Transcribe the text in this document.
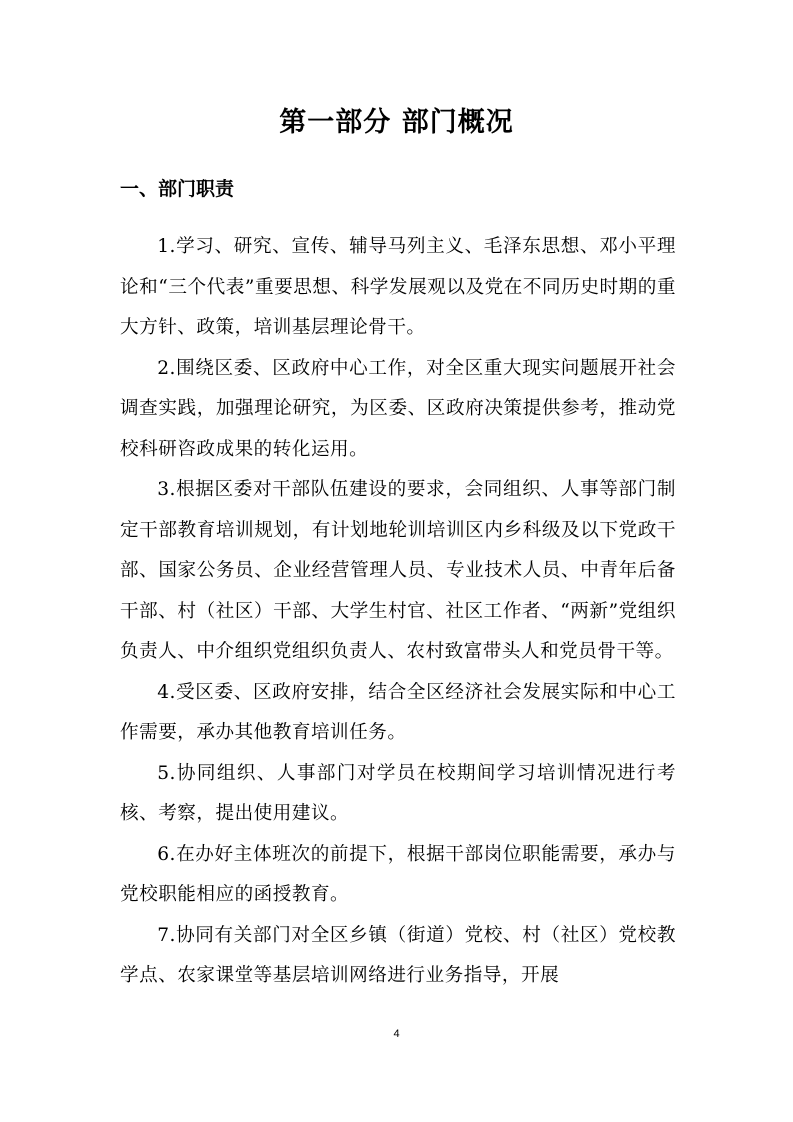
第一部分 部门概况
一、部门职责

1.学习、研究、宣传、辅导马列主义、毛泽东思想、邓小平理论和“三个代表”重要思想、科学发展观以及党在不同历史时期的重大方针、政策，培训基层理论骨干。

2.围绕区委、区政府中心工作，对全区重大现实问题展开社会调查实践，加强理论研究，为区委、区政府决策提供参考，推动党校科研咨政成果的转化运用。

3.根据区委对干部队伍建设的要求，会同组织、人事等部门制定干部教育培训规划，有计划地轮训培训区内乡科级及以下党政干部、国家公务员、企业经营管理人员、专业技术人员、中青年后备干部、村（社区）干部、大学生村官、社区工作者、“两新”党组织负责人、中介组织党组织负责人、农村致富带头人和党员骨干等。

4.受区委、区政府安排，结合全区经济社会发展实际和中心工作需要，承办其他教育培训任务。

5.协同组织、人事部门对学员在校期间学习培训情况进行考核、考察，提出使用建议。

6.在办好主体班次的前提下，根据干部岗位职能需要，承办与党校职能相应的函授教育。

7.协同有关部门对全区乡镇（街道）党校、村（社区）党校教学点、农家课堂等基层培训网络进行业务指导，开展

4
